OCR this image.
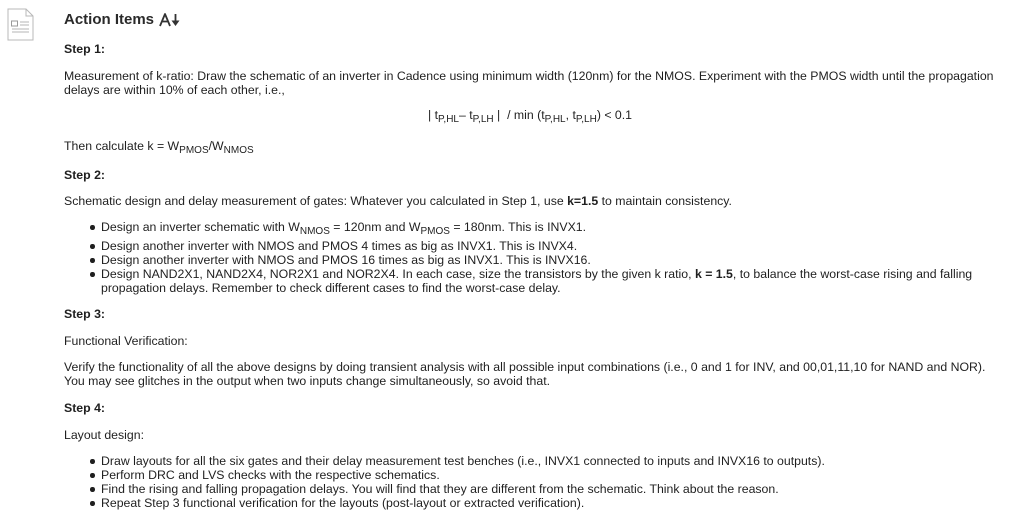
Action Items
Step 1:
Measurement of k-ratio: Draw the schematic of an inverter in Cadence using minimum width (120nm) for the NMOS. Experiment with the PMOS width until the propagation delays are within 10% of each other, i.e.,
| $t_{P,HL}-$ $t_{P,LH}$ |  / $\min (t_{P,HL}$, $t_{P,LH}) < 0.1$
Then calculate $k = W_{PMOS}/W_{NMOS}$
Step 2:
Schematic design and delay measurement of gates: Whatever you calculated in Step 1, use k=1.5 to maintain consistency.
Design an inverter schematic with $W_{NMOS} = 120nm$ and $W_{PMOS} = 180nm$. This is INVX1.
Design another inverter with NMOS and PMOS 4 times as big as INVX1. This is INVX4.
Design another inverter with NMOS and PMOS 16 times as big as INVX1. This is INVX16.
Design NAND2X1, NAND2X4, NOR2X1 and NOR2X4. In each case, size the transistors by the given k ratio, k = 1.5, to balance the worst-case rising and falling propagation delays. Remember to check different cases to find the worst-case delay.
Step 3:
Functional Verification:
Verify the functionality of all the above designs by doing transient analysis with all possible input combinations (i.e., 0 and 1 for INV, and 00,01,11,10 for NAND and NOR). You may see glitches in the output when two inputs change simultaneously, so avoid that.
Step 4:
Layout design:
Draw layouts for all the six gates and their delay measurement test benches (i.e., INVX1 connected to inputs and INVX16 to outputs).
Perform DRC and LVS checks with the respective schematics.
Find the rising and falling propagation delays. You will find that they are different from the schematic. Think about the reason.
Repeat Step 3 functional verification for the layouts (post-layout or extracted verification).
